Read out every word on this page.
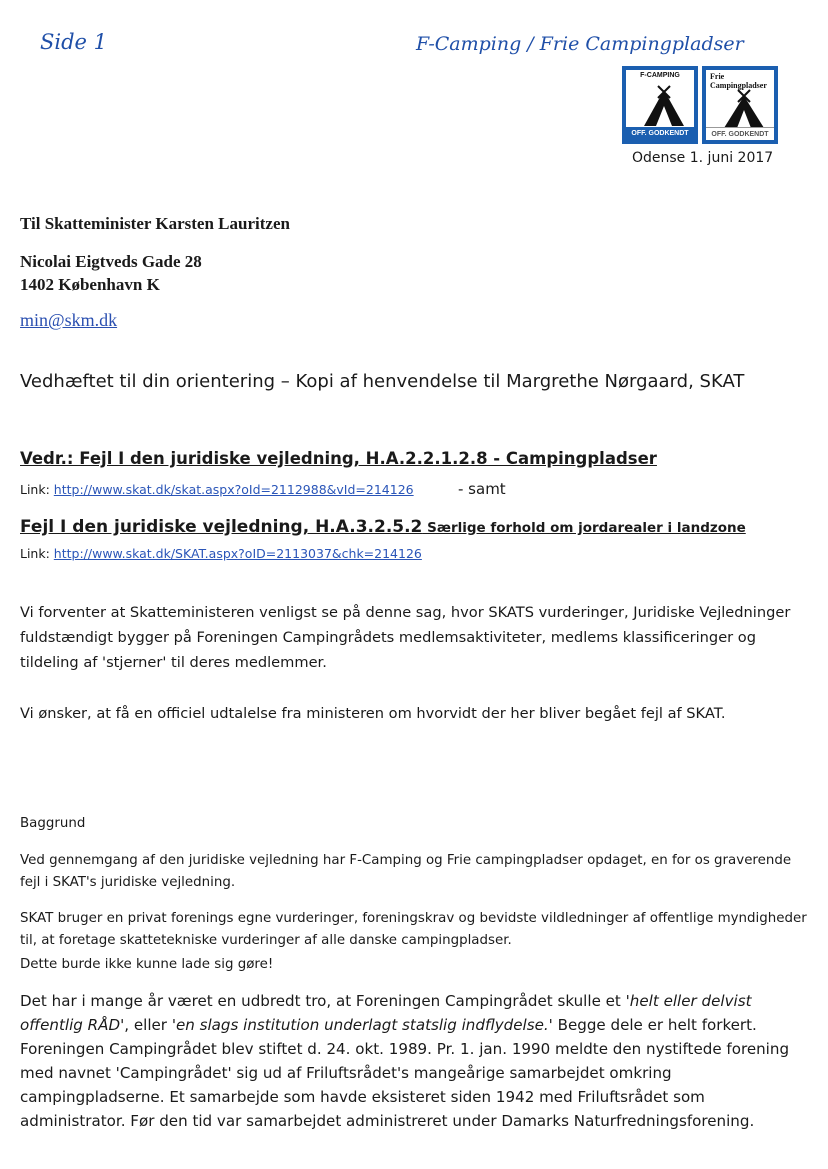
Side 1	F-Camping / Frie Campingpladser
F-CAMPING
OFF. GODKENDT
Frie Campingpladser
OFF. GODKENDT
Odense 1. juni 2017
Til Skatteminister Karsten Lauritzen
Nicolai Eigtveds Gade 28
1402 København K
min@skm.dk
Vedhæftet til din orientering – Kopi af henvendelse til Margrethe Nørgaard, SKAT
Vedr.: Fejl I den juridiske vejledning, H.A.2.2.1.2.8 - Campingpladser
Link: http://www.skat.dk/skat.aspx?oId=2112988&vId=214126	- samt
Fejl I den juridiske vejledning, H.A.3.2.5.2 Særlige forhold om jordarealer i landzone
Link: http://www.skat.dk/SKAT.aspx?oID=2113037&chk=214126
Vi forventer at Skatteministeren venligst se på denne sag, hvor SKATS vurderinger, Juridiske Vejledninger fuldstændigt bygger på Foreningen Campingrådets medlemsaktiviteter, medlems klassificeringer og tildeling af 'stjerner' til deres medlemmer.
Vi ønsker, at få en officiel udtalelse fra ministeren om hvorvidt der her bliver begået fejl af SKAT.
Baggrund
Ved gennemgang af den juridiske vejledning har F-Camping og Frie campingpladser opdaget, en for os graverende fejl i SKAT's juridiske vejledning.
SKAT bruger en privat forenings egne vurderinger, foreningskrav og bevidste vildledninger af offentlige myndigheder til, at foretage skattetekniske vurderinger af alle danske campingpladser.
Dette burde ikke kunne lade sig gøre!
Det har i mange år været en udbredt tro, at Foreningen Campingrådet skulle et 'helt eller delvist offentlig RÅD', eller 'en slags institution underlagt statslig indflydelse.' Begge dele er helt forkert. Foreningen Campingrådet blev stiftet d. 24. okt. 1989. Pr. 1. jan. 1990 meldte den nystiftede forening med navnet 'Campingrådet' sig ud af Friluftsrådet's mangeårige samarbejdet omkring campingpladserne. Et samarbejde som havde eksisteret siden 1942 med Friluftsrådet som administrator. Før den tid var samarbejdet administreret under Damarks Naturfredningsforening.
